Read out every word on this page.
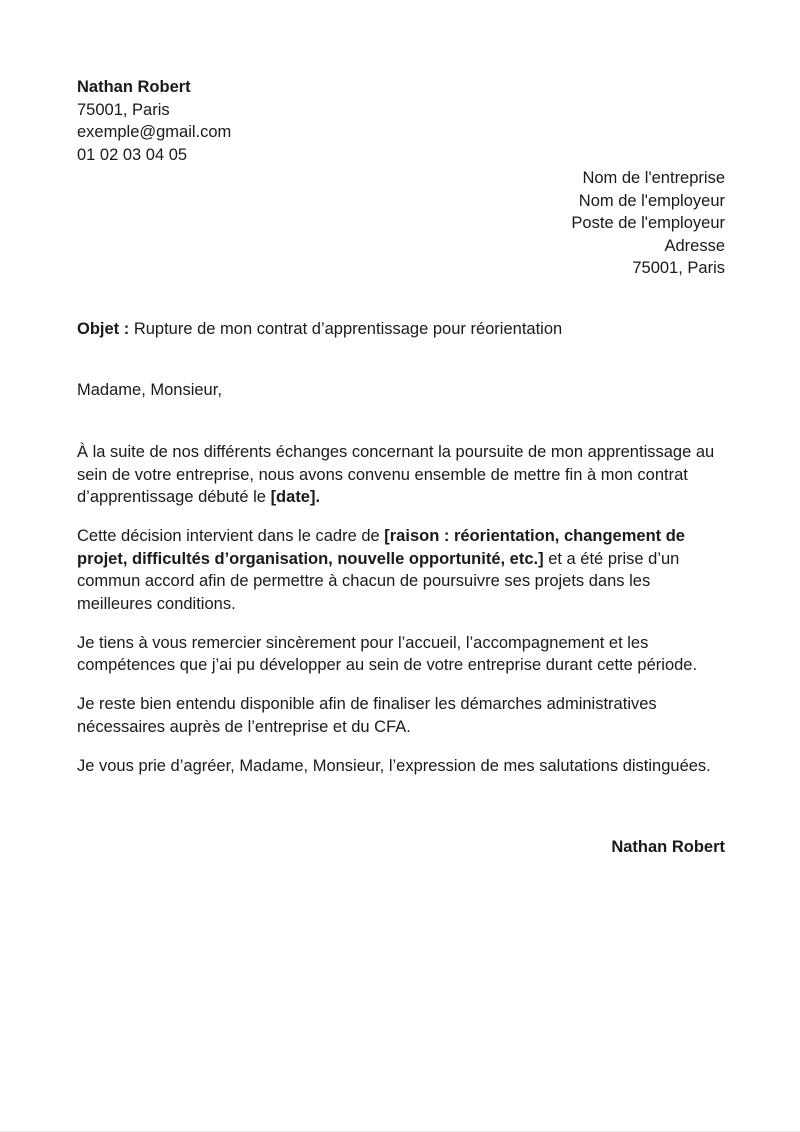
Nathan Robert
75001, Paris
exemple@gmail.com
01 02 03 04 05
Nom de l'entreprise
Nom de l'employeur
Poste de l'employeur
Adresse
75001, Paris
Objet : Rupture de mon contrat d’apprentissage pour réorientation
Madame, Monsieur,

À la suite de nos différents échanges concernant la poursuite de mon apprentissage au sein de votre entreprise, nous avons convenu ensemble de mettre fin à mon contrat d’apprentissage débuté le [date].

Cette décision intervient dans le cadre de [raison : réorientation, changement de projet, difficultés d’organisation, nouvelle opportunité, etc.] et a été prise d’un commun accord afin de permettre à chacun de poursuivre ses projets dans les meilleures conditions.

Je tiens à vous remercier sincèrement pour l’accueil, l’accompagnement et les compétences que j’ai pu développer au sein de votre entreprise durant cette période.

Je reste bien entendu disponible afin de finaliser les démarches administratives nécessaires auprès de l’entreprise et du CFA.

Je vous prie d’agréer, Madame, Monsieur, l’expression de mes salutations distinguées.

Nathan Robert
